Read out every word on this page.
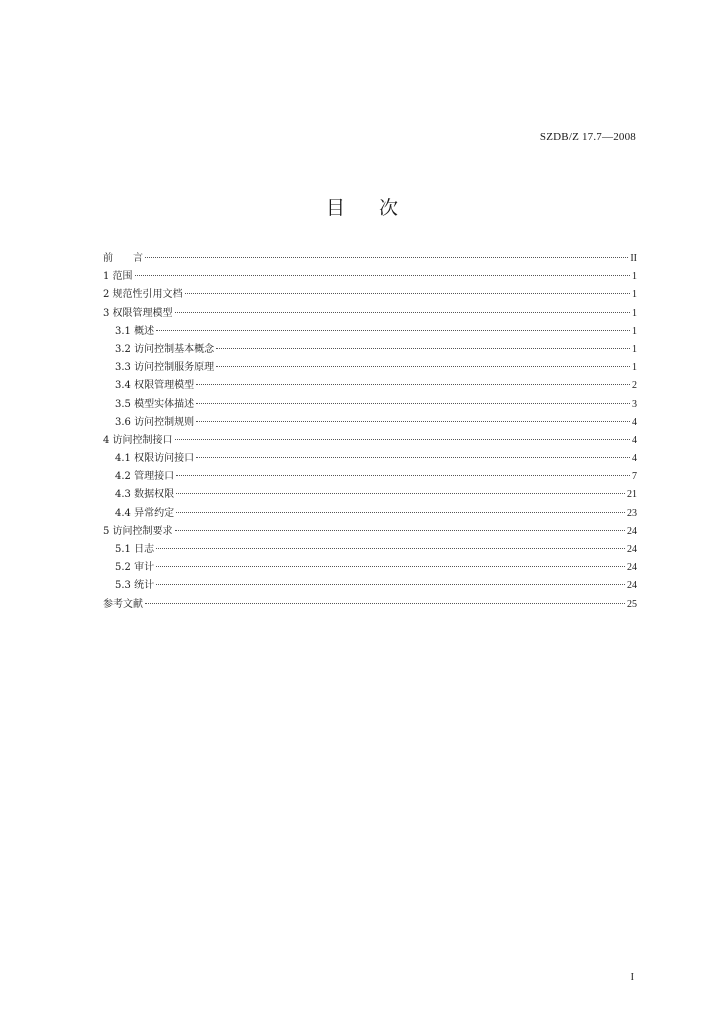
SZDB/Z 17.7—2008
目 次
前 言	II
1 范围	1
2 规范性引用文档	1
3 权限管理模型	1
3.1 概述	1
3.2 访问控制基本概念	1
3.3 访问控制服务原理	1
3.4 权限管理模型	2
3.5 模型实体描述	3
3.6 访问控制规则	4
4 访问控制接口	4
4.1 权限访问接口	4
4.2 管理接口	7
4.3 数据权限	21
4.4 异常约定	23
5 访问控制要求	24
5.1 日志	24
5.2 审计	24
5.3 统计	24
参考文献	25
I
